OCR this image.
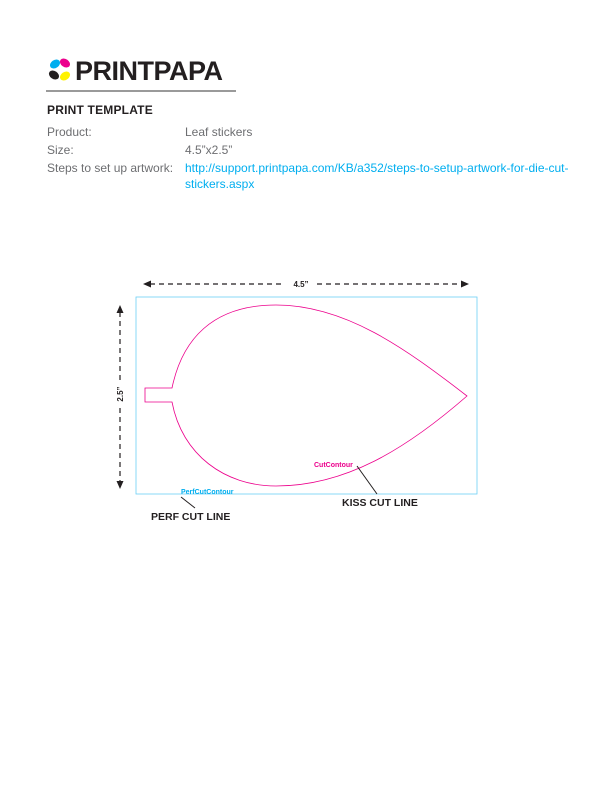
PRINTPAPA
PRINT TEMPLATE
Product:	Leaf stickers
Size:	4.5”x2.5”
Steps to set up artwork: http://support.printpapa.com/KB/a352/steps-to-setup-artwork-for-die-cut-stickers.aspx
4.5”
2.5”
PerfCutContour
CutContour
PERF CUT LINE
KISS CUT LINE
